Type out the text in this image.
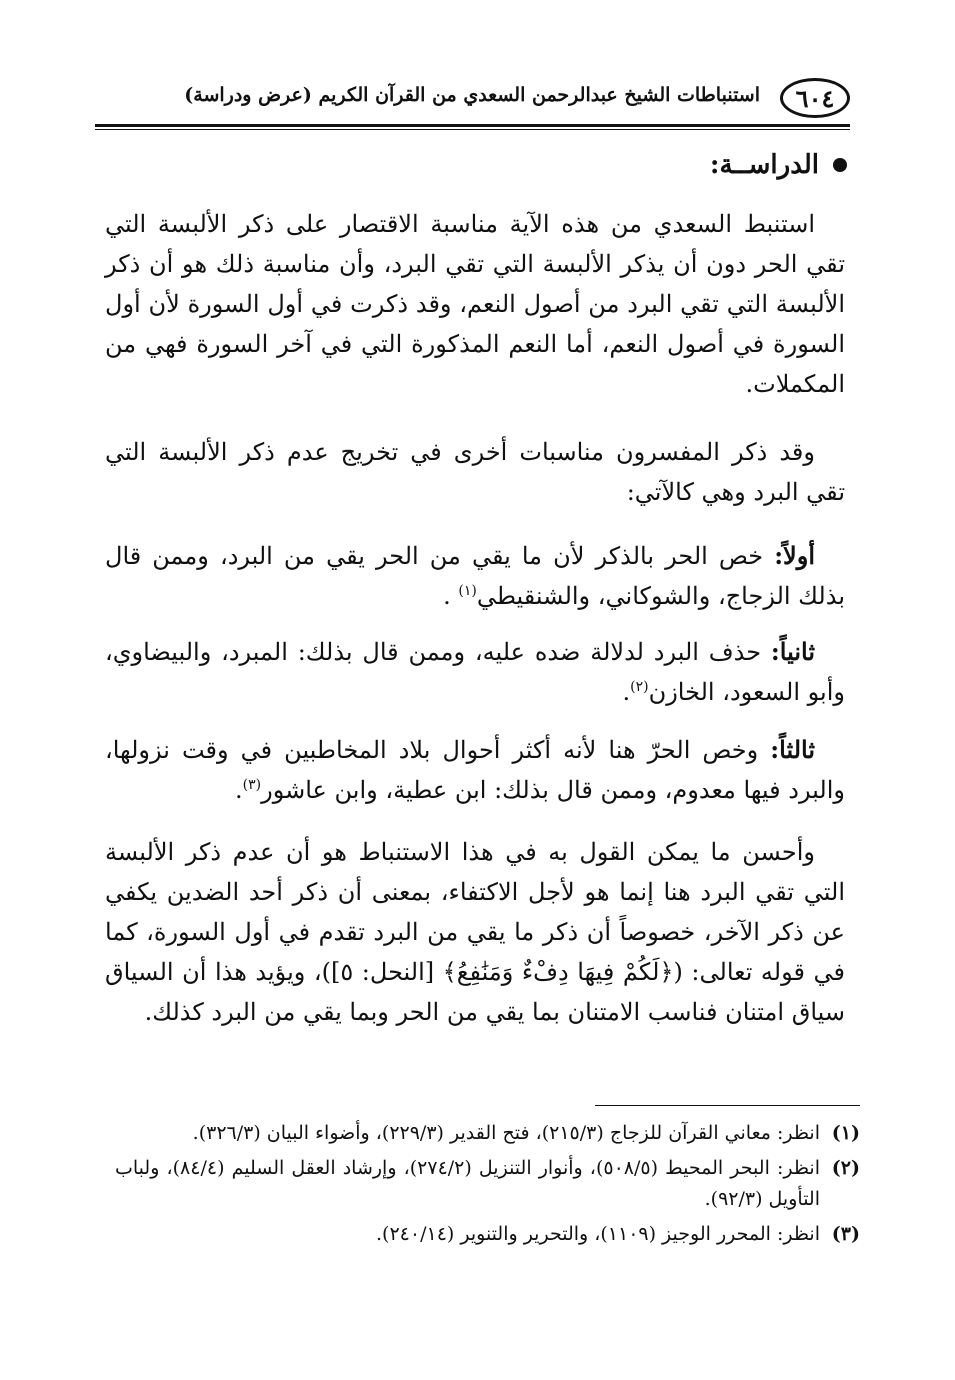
٦٠٤
استنباطات الشيخ عبدالرحمن السعدي من القرآن الكريم (عرض ودراسة)
الدراســة:

استنبط السعدي من هذه الآية مناسبة الاقتصار على ذكر الألبسة التي تقي الحر دون أن يذكر الألبسة التي تقي البرد، وأن مناسبة ذلك هو أن ذكر الألبسة التي تقي البرد من أصول النعم، وقد ذكرت في أول السورة لأن أول السورة في أصول النعم، أما النعم المذكورة التي في آخر السورة فهي من المكملات.

وقد ذكر المفسرون مناسبات أخرى في تخريج عدم ذكر الألبسة التي تقي البرد وهي كالآتي:

أولاً: خص الحر بالذكر لأن ما يقي من الحر يقي من البرد، وممن قال بذلك الزجاج، والشوكاني، والشنقيطي$^{(١)}$ .

ثانياً: حذف البرد لدلالة ضده عليه، وممن قال بذلك: المبرد، والبيضاوي، وأبو السعود، الخازن$^{(٢)}$.

ثالثاً: وخص الحرّ هنا لأنه أكثر أحوال بلاد المخاطبين في وقت نزولها، والبرد فيها معدوم، وممن قال بذلك: ابن عطية، وابن عاشور$^{(٣)}$.

وأحسن ما يمكن القول به في هذا الاستنباط هو أن عدم ذكر الألبسة التي تقي البرد هنا إنما هو لأجل الاكتفاء، بمعنى أن ذكر أحد الضدين يكفي عن ذكر الآخر، خصوصاً أن ذكر ما يقي من البرد تقدم في أول السورة، كما في قوله تعالى: (﴿لَكُمْ فِيهَا دِفْءٌ وَمَنَٰفِعُ﴾ [النحل: ٥])، ويؤيد هذا أن السياق سياق امتنان فناسب الامتنان بما يقي من الحر وبما يقي من البرد كذلك.

(١)
انظر: معاني القرآن للزجاج (٢١٥/٣)، فتح القدير (٢٢٩/٣)، وأضواء البيان (٣٢٦/٣).
(٢)
انظر: البحر المحيط (٥٠٨/٥)، وأنوار التنزيل (٢٧٤/٢)، وإرشاد العقل السليم (٨٤/٤)، ولباب التأويل (٩٢/٣).
(٣)
انظر: المحرر الوجيز (١١٠٩)، والتحرير والتنوير (٢٤٠/١٤).
